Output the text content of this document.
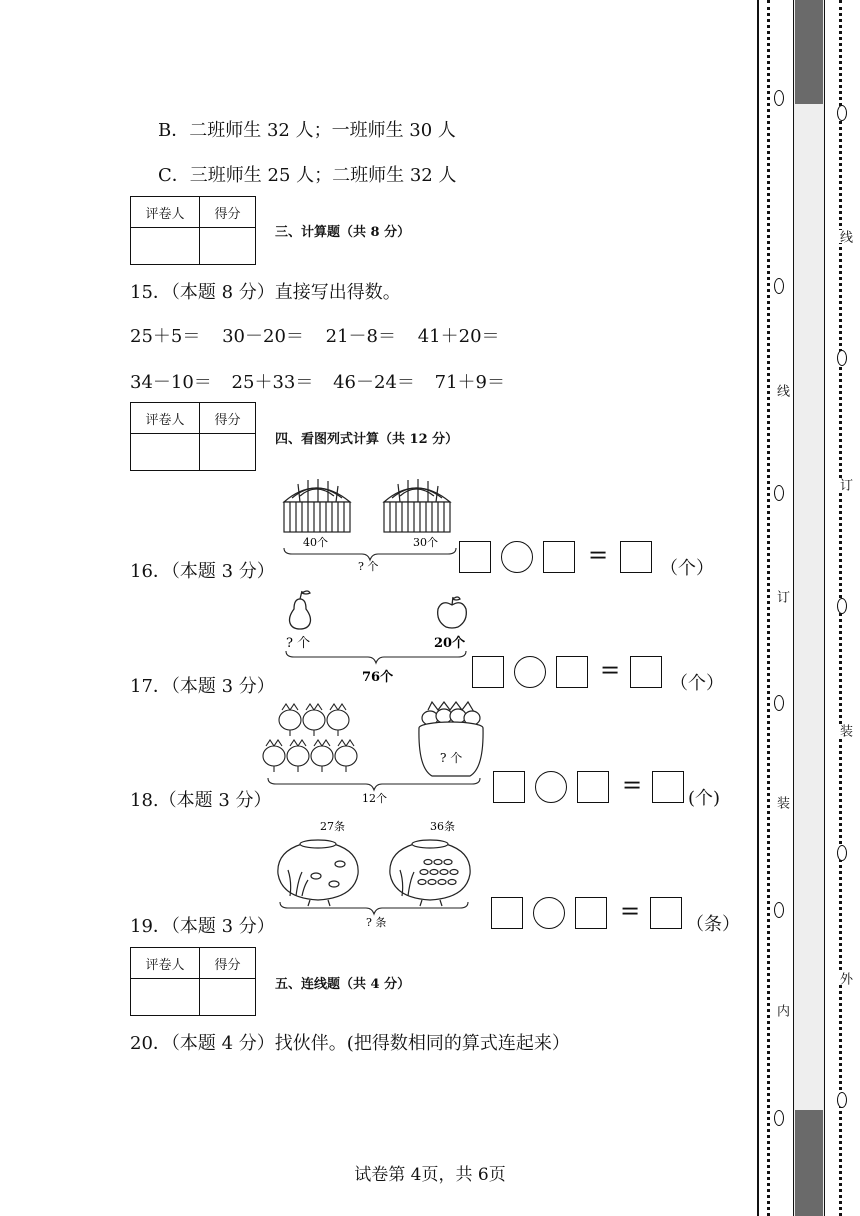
B．二班师生 32 人；一班师生 30 人
C．三班师生 25 人；二班师生 32 人
评卷人	得分

三、计算题（共 8 分）
15．（本题 8 分）直接写出得数。
25＋5＝ 30－20＝ 21－8＝ 41＋20＝
34－10＝ 25＋33＝ 46－24＝ 71＋9＝
评卷人	得分

四、看图列式计算（共 12 分）
40个	30个
? 个
16．（本题 3 分）
=	（个）
? 个	20个
76个
17．（本题 3 分）
=	（个）
? 个
12个
18.（本题 3 分）
=	(个)
27条	36条
? 条
19．（本题 3 分）
=	（条）
评卷人	得分

五、连线题（共 4 分）
20．（本题 4 分）找伙伴。(把得数相同的算式连起来）
试卷第 4页，共 6页
线
订
装
内
线
订
装
外
